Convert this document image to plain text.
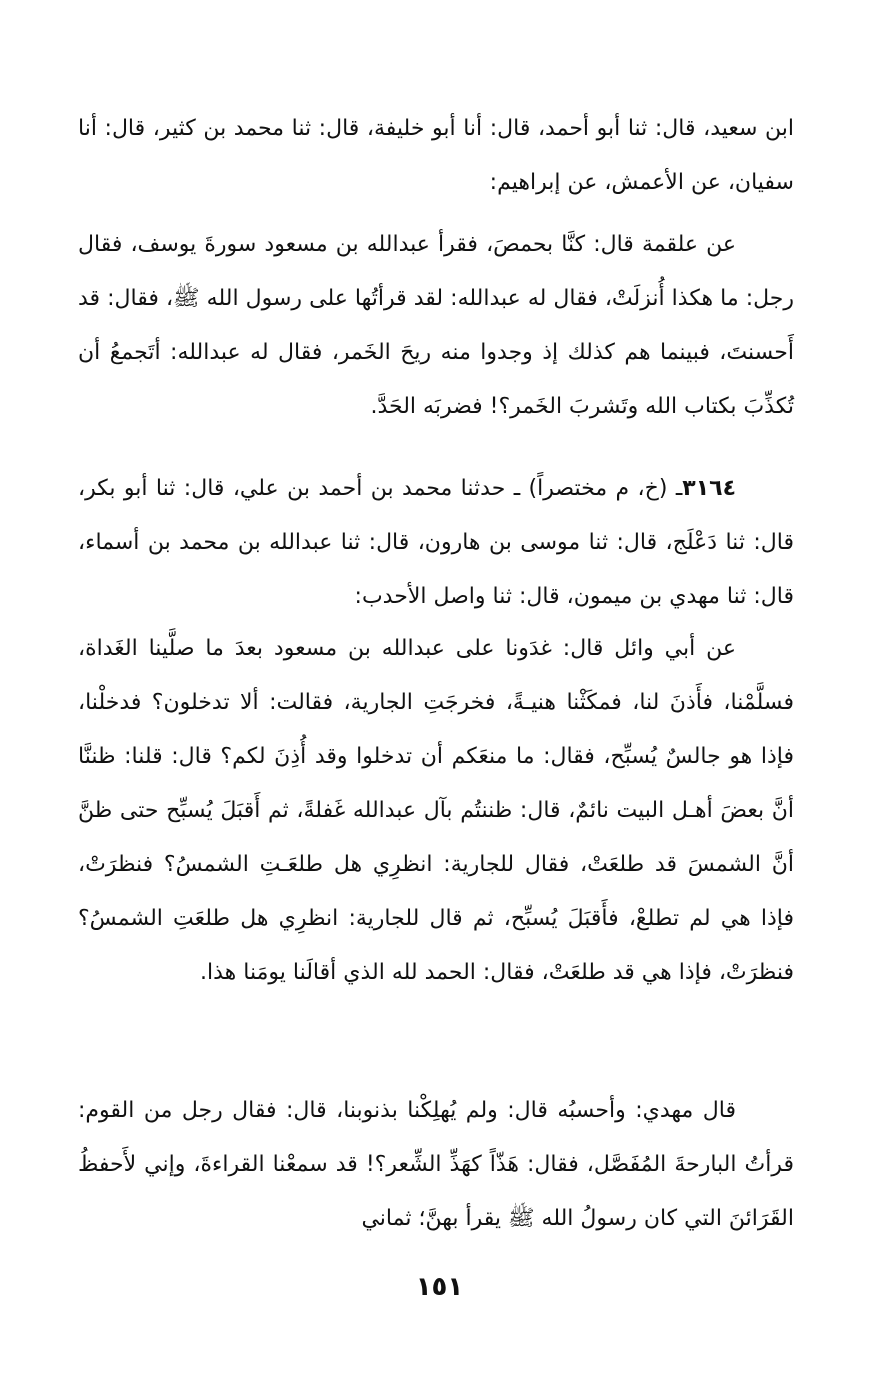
ابن سعيد، قال: ثنا أبو أحمد، قال: أنا أبو خليفة، قال: ثنا محمد بن كثير، قال: أنا سفيان، عن الأعمش، عن إبراهيم:

عن علقمة قال: كنَّا بحمصَ، فقرأ عبدالله بن مسعود سورةَ يوسف، فقال رجل: ما هكذا أُنزلَتْ، فقال له عبدالله: لقد قرأتُها على رسول الله ﷺ، فقال: قد أَحسنتَ، فبينما هم كذلك إذ وجدوا منه ريحَ الخَمر، فقال له عبدالله: أتَجمعُ أن تُكذِّبَ بكتاب الله وتَشربَ الخَمر؟! فضربَه الحَدَّ.

٣١٦٤ـ (خ، م مختصراً) ـ حدثنا محمد بن أحمد بن علي، قال: ثنا أبو بكر، قال: ثنا دَعْلَج، قال: ثنا موسى بن هارون، قال: ثنا عبدالله بن محمد بن أسماء، قال: ثنا مهدي بن ميمون، قال: ثنا واصل الأحدب:

عن أبي وائل قال: غدَونا على عبدالله بن مسعود بعدَ ما صلَّينا الغَداة، فسلَّمْنا، فأَذنَ لنا، فمكَثْنا هنيـةً، فخرجَتِ الجارية، فقالت: ألا تدخلون؟ فدخلْنا، فإذا هو جالسٌ يُسبِّح، فقال: ما منعَكم أن تدخلوا وقد أُذِنَ لكم؟ قال: قلنا: ظننَّا أنَّ بعضَ أهـل البيت نائمٌ، قال: ظننتُم بآل عبدالله غَفلةً، ثم أَقبَلَ يُسبِّح حتى ظنَّ أنَّ الشمسَ قد طلعَتْ، فقال للجارية: انظرِي هل طلعَـتِ الشمسُ؟ فنظرَتْ، فإذا هي لم تطلعْ، فأَقبَلَ يُسبِّح، ثم قال للجارية: انظرِي هل طلعَتِ الشمسُ؟ فنظرَتْ، فإذا هي قد طلعَتْ، فقال: الحمد لله الذي أقالَنا يومَنا هذا.

قال مهدي: وأحسبُه قال: ولم يُهلِكْنا بذنوبنا، قال: فقال رجل من القوم: قرأتُ البارحةَ المُفَصَّل، فقال: هَذّاً كهَذِّ الشِّعر؟! قد سمعْنا القراءةَ، وإني لأَحفظُ القَرَائنَ التي كان رسولُ الله ﷺ يقرأ بهنَّ؛ ثماني

١٥١
